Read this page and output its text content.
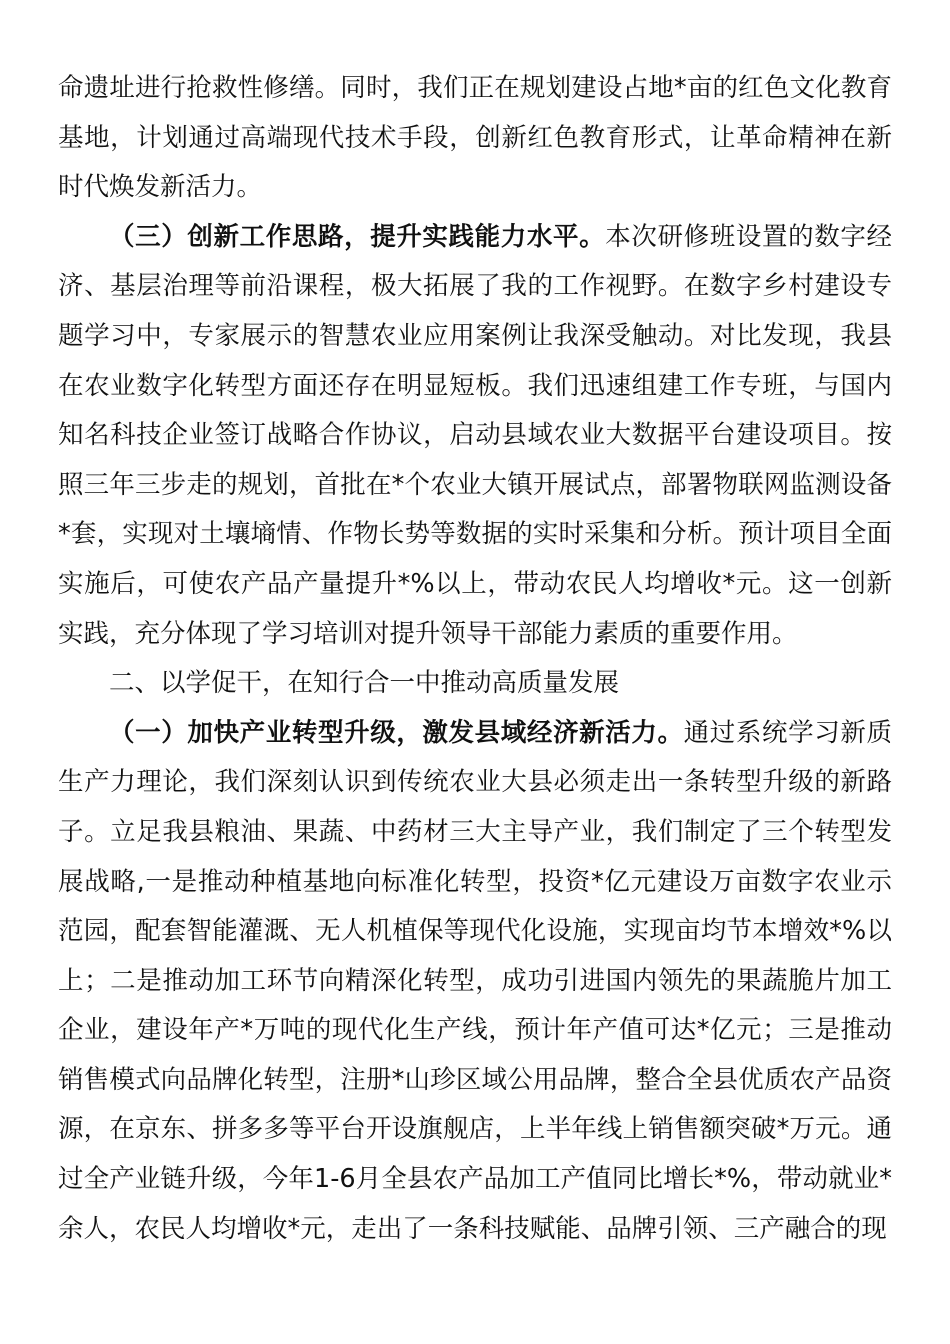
命遗址进行抢救性修缮。同时，我们正在规划建设占地*亩的红色文化教育基地，计划通过高端现代技术手段，创新红色教育形式，让革命精神在新时代焕发新活力。

（三）创新工作思路，提升实践能力水平。本次研修班设置的数字经济、基层治理等前沿课程，极大拓展了我的工作视野。在数字乡村建设专题学习中，专家展示的智慧农业应用案例让我深受触动。对比发现，我县在农业数字化转型方面还存在明显短板。我们迅速组建工作专班，与国内知名科技企业签订战略合作协议，启动县域农业大数据平台建设项目。按照三年三步走的规划，首批在*个农业大镇开展试点，部署物联网监测设备*套，实现对土壤墒情、作物长势等数据的实时采集和分析。预计项目全面实施后，可使农产品产量提升*%以上，带动农民人均增收*元。这一创新实践，充分体现了学习培训对提升领导干部能力素质的重要作用。

二、以学促干，在知行合一中推动高质量发展

（一）加快产业转型升级，激发县域经济新活力。通过系统学习新质生产力理论，我们深刻认识到传统农业大县必须走出一条转型升级的新路子。立足我县粮油、果蔬、中药材三大主导产业，我们制定了三个转型发展战略,一是推动种植基地向标准化转型，投资*亿元建设万亩数字农业示范园，配套智能灌溉、无人机植保等现代化设施，实现亩均节本增效*%以上；二是推动加工环节向精深化转型，成功引进国内领先的果蔬脆片加工企业，建设年产*万吨的现代化生产线，预计年产值可达*亿元；三是推动销售模式向品牌化转型，注册*山珍区域公用品牌，整合全县优质农产品资源，在京东、拼多多等平台开设旗舰店，上半年线上销售额突破*万元。通过全产业链升级，今年1-6月全县农产品加工产值同比增长*%，带动就业*余人，农民人均增收*元，走出了一条科技赋能、品牌引领、三产融合的现
